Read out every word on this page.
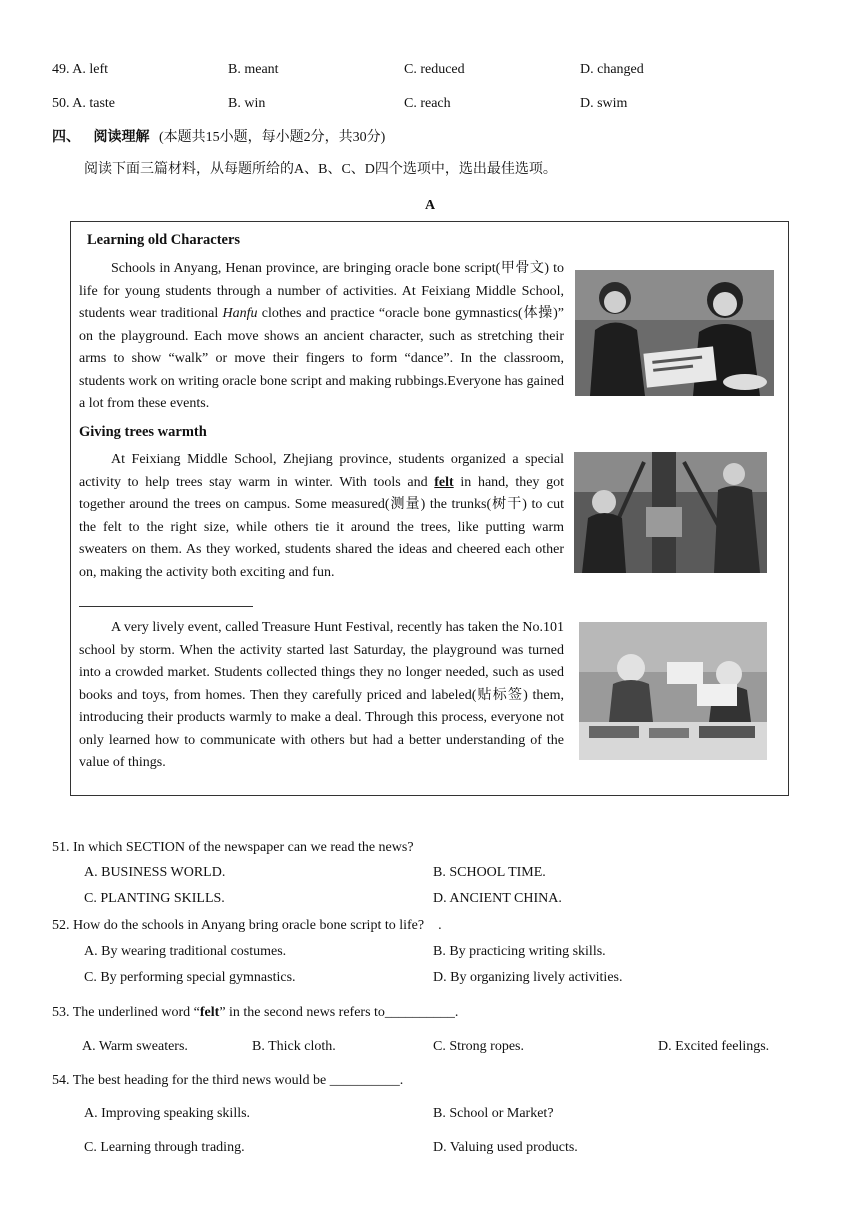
49. A. left	B. meant	C. reduced	D. changed
50. A. taste	B. win	C. reach	D. swim
四、 阅读理解 (本题共15小题，每小题2分，共30分)
阅读下面三篇材料，从每题所给的A、B、C、D四个选项中，选出最佳选项。
A
Learning old Characters
Schools in Anyang, Henan province, are bringing oracle bone script(甲骨文) to life for young students through a number of activities. At Feixiang Middle School, students wear traditional Hanfu clothes and practice “oracle bone gymnastics(体操)” on the playground. Each move shows an ancient character, such as stretching their arms to show “walk” or move their fingers to form “dance”. In the classroom, students work on writing oracle bone script and making rubbings.Everyone has gained a lot from these events.
Giving trees warmth
At Feixiang Middle School, Zhejiang province, students organized a special activity to help trees stay warm in winter. With tools and felt in hand, they got together around the trees on campus. Some measured(测量) the trunks(树干) to cut the felt to the right size, while others tie it around the trees, like putting warm sweaters on them. As they worked, students shared the ideas and cheered each other on, making the activity both exciting and fun.
A very lively event, called Treasure Hunt Festival, recently has taken the No.101 school by storm. When the activity started last Saturday, the playground was turned into a crowded market. Students collected things they no longer needed, such as used books and toys, from homes. Then they carefully priced and labeled(贴标签) them, introducing their products warmly to make a deal. Through this process, everyone not only learned how to communicate with others but had a better understanding of the value of things.
51. In which SECTION of the newspaper can we read the news?
A. BUSINESS WORLD.	B. SCHOOL TIME.
C. PLANTING SKILLS.	D. ANCIENT CHINA.
52. How do the schools in Anyang bring oracle bone script to life?　.
A. By wearing traditional costumes.	B. By practicing writing skills.
C. By performing special gymnastics.	D. By organizing lively activities.
53. The underlined word “felt” in the second news refers to__________.
A. Warm sweaters.	B. Thick cloth.	C. Strong ropes.	D. Excited feelings.
54. The best heading for the third news would be __________.
A. Improving speaking skills.	B. School or Market?
C. Learning through trading.	D. Valuing used products.
